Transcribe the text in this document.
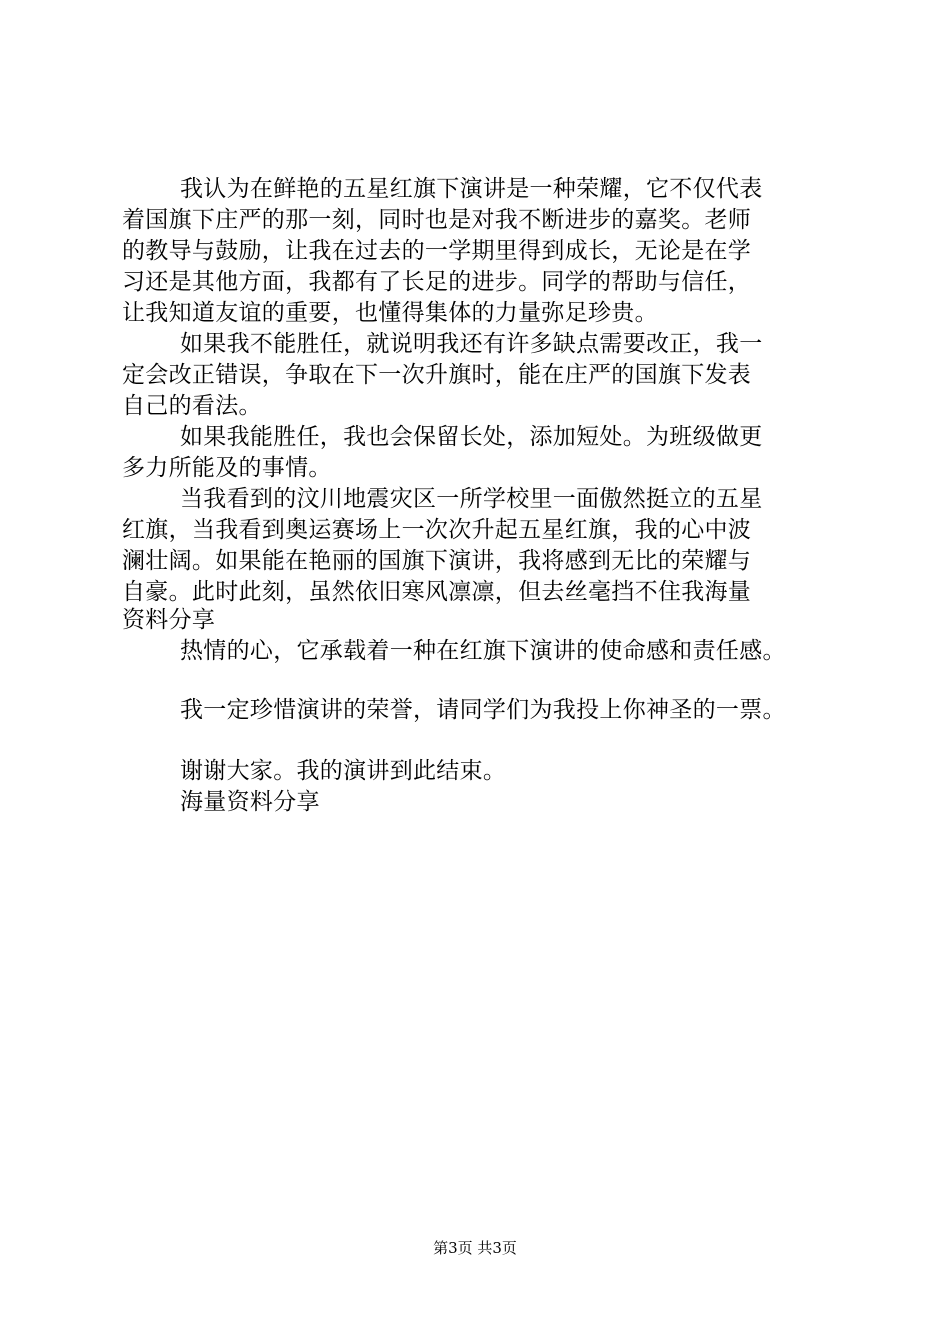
我认为在鲜艳的五星红旗下演讲是一种荣耀，它不仅代表
着国旗下庄严的那一刻，同时也是对我不断进步的嘉奖。老师
的教导与鼓励，让我在过去的一学期里得到成长，无论是在学
习还是其他方面，我都有了长足的进步。同学的帮助与信任，
让我知道友谊的重要，也懂得集体的力量弥足珍贵。
如果我不能胜任，就说明我还有许多缺点需要改正，我一
定会改正错误，争取在下一次升旗时，能在庄严的国旗下发表
自己的看法。
如果我能胜任，我也会保留长处，添加短处。为班级做更
多力所能及的事情。
当我看到的汶川地震灾区一所学校里一面傲然挺立的五星
红旗，当我看到奥运赛场上一次次升起五星红旗，我的心中波
澜壮阔。如果能在艳丽的国旗下演讲，我将感到无比的荣耀与
自豪。此时此刻，虽然依旧寒风凛凛，但去丝毫挡不住我海量
资料分享
热情的心，它承载着一种在红旗下演讲的使命感和责任感。
我一定珍惜演讲的荣誉，请同学们为我投上你神圣的一票。
谢谢大家。我的演讲到此结束。
海量资料分享
第3页 共3页
